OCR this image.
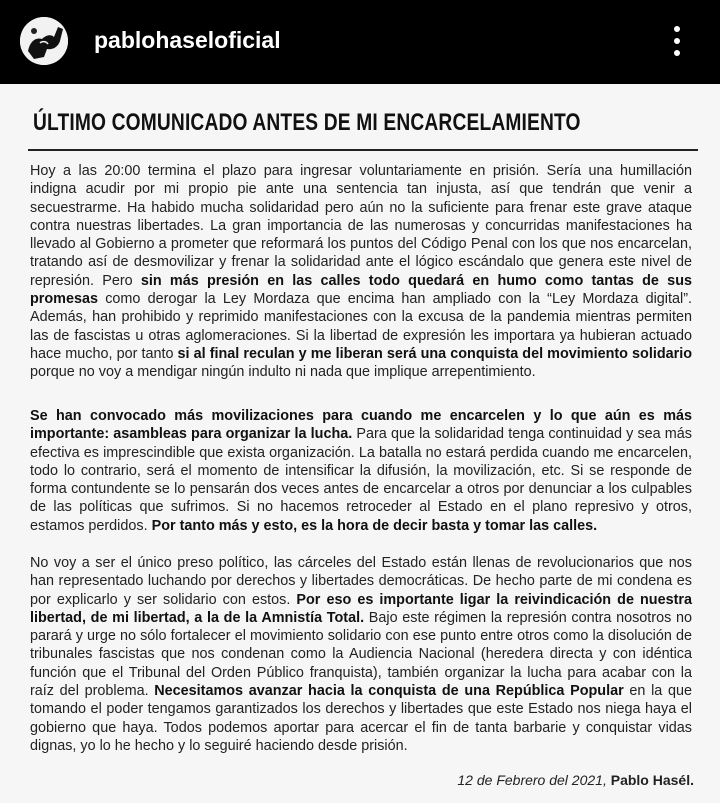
pablohaseloficial
ÚLTIMO COMUNICADO ANTES DE MI ENCARCELAMIENTO

Hoy a las 20:00 termina el plazo para ingresar voluntariamente en prisión. Sería una humillación indigna acudir por mi propio pie ante una sentencia tan injusta, así que tendrán que venir a secuestrarme. Ha habido mucha solidaridad pero aún no la suficiente para frenar este grave ataque contra nuestras libertades. La gran importancia de las numerosas y concurridas manifestaciones ha llevado al Gobierno a prometer que reformará los puntos del Código Penal con los que nos encarcelan, tratando así de desmovilizar y frenar la solidaridad ante el lógico escándalo que genera este nivel de represión. Pero sin más presión en las calles todo quedará en humo como tantas de sus promesas como derogar la Ley Mordaza que encima han ampliado con la “Ley Mordaza digital”. Además, han prohibido y reprimido manifestaciones con la excusa de la pandemia mientras permiten las de fascistas u otras aglomeraciones. Si la libertad de expresión les importara ya hubieran actuado hace mucho, por tanto si al final reculan y me liberan será una conquista del movimiento solidario porque no voy a mendigar ningún indulto ni nada que implique arrepentimiento.

Se han convocado más movilizaciones para cuando me encarcelen y lo que aún es más importante: asambleas para organizar la lucha. Para que la solidaridad tenga continuidad y sea más efectiva es imprescindible que exista organización. La batalla no estará perdida cuando me encarcelen, todo lo contrario, será el momento de intensificar la difusión, la movilización, etc. Si se responde de forma contundente se lo pensarán dos veces antes de encarcelar a otros por denunciar a los culpables de las políticas que sufrimos. Si no hacemos retroceder al Estado en el plano represivo y otros, estamos perdidos. Por tanto más y esto, es la hora de decir basta y tomar las calles.

No voy a ser el único preso político, las cárceles del Estado están llenas de revolucionarios que nos han representado luchando por derechos y libertades democráticas. De hecho parte de mi condena es por explicarlo y ser solidario con estos. Por eso es importante ligar la reivindicación de nuestra libertad, de mi libertad, a la de la Amnistía Total. Bajo este régimen la represión contra nosotros no parará y urge no sólo fortalecer el movimiento solidario con ese punto entre otros como la disolución de tribunales fascistas que nos condenan como la Audiencia Nacional (heredera directa y con idéntica función que el Tribunal del Orden Público franquista), también organizar la lucha para acabar con la raíz del problema. Necesitamos avanzar hacia la conquista de una República Popular en la que tomando el poder tengamos garantizados los derechos y libertades que este Estado nos niega haya el gobierno que haya. Todos podemos aportar para acercar el fin de tanta barbarie y conquistar vidas dignas, yo lo he hecho y lo seguiré haciendo desde prisión.

12 de Febrero del 2021, Pablo Hasél.
